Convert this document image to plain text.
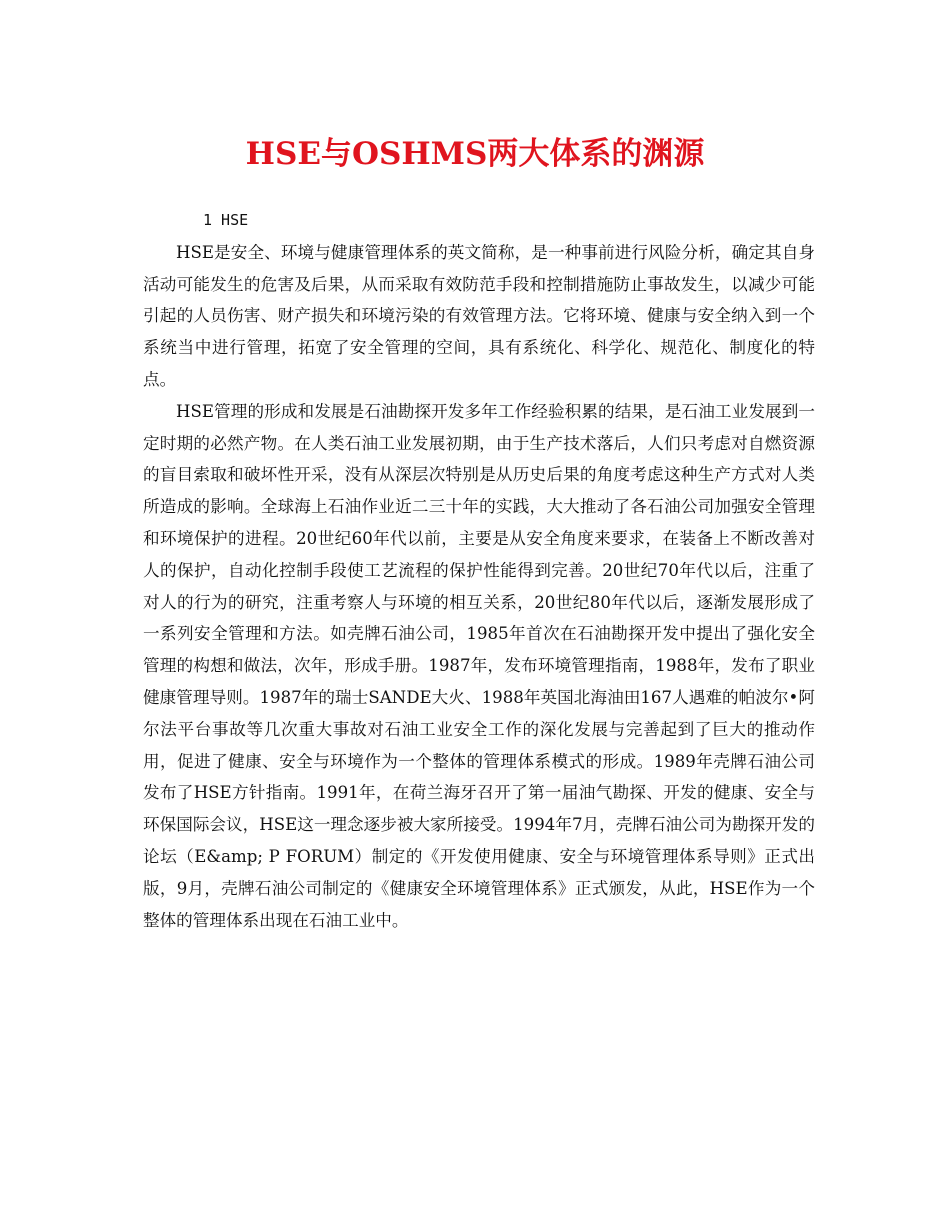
HSE与OSHMS两大体系的渊源

1 HSE

HSE是安全、环境与健康管理体系的英文简称，是一种事前进行风险分析，确定其自身活动可能发生的危害及后果，从而采取有效防范手段和控制措施防止事故发生，以减少可能引起的人员伤害、财产损失和环境污染的有效管理方法。它将环境、健康与安全纳入到一个系统当中进行管理，拓宽了安全管理的空间，具有系统化、科学化、规范化、制度化的特点。

HSE管理的形成和发展是石油勘探开发多年工作经验积累的结果，是石油工业发展到一定时期的必然产物。在人类石油工业发展初期，由于生产技术落后，人们只考虑对自燃资源的盲目索取和破坏性开采，没有从深层次特别是从历史后果的角度考虑这种生产方式对人类所造成的影响。全球海上石油作业近二三十年的实践，大大推动了各石油公司加强安全管理和环境保护的进程。20世纪60年代以前，主要是从安全角度来要求，在装备上不断改善对人的保护，自动化控制手段使工艺流程的保护性能得到完善。20世纪70年代以后，注重了对人的行为的研究，注重考察人与环境的相互关系，20世纪80年代以后，逐渐发展形成了一系列安全管理和方法。如壳牌石油公司，1985年首次在石油勘探开发中提出了强化安全管理的构想和做法，次年，形成手册。1987年，发布环境管理指南，1988年，发布了职业健康管理导则。1987年的瑞士SANDE大火、1988年英国北海油田167人遇难的帕波尔•阿尔法平台事故等几次重大事故对石油工业安全工作的深化发展与完善起到了巨大的推动作用，促进了健康、安全与环境作为一个整体的管理体系模式的形成。1989年壳牌石油公司发布了HSE方针指南。1991年，在荷兰海牙召开了第一届油气勘探、开发的健康、安全与环保国际会议，HSE这一理念逐步被大家所接受。1994年7月，壳牌石油公司为勘探开发的论坛（E&amp; P FORUM）制定的《开发使用健康、安全与环境管理体系导则》正式出版，9月，壳牌石油公司制定的《健康安全环境管理体系》正式颁发，从此，HSE作为一个整体的管理体系出现在石油工业中。
